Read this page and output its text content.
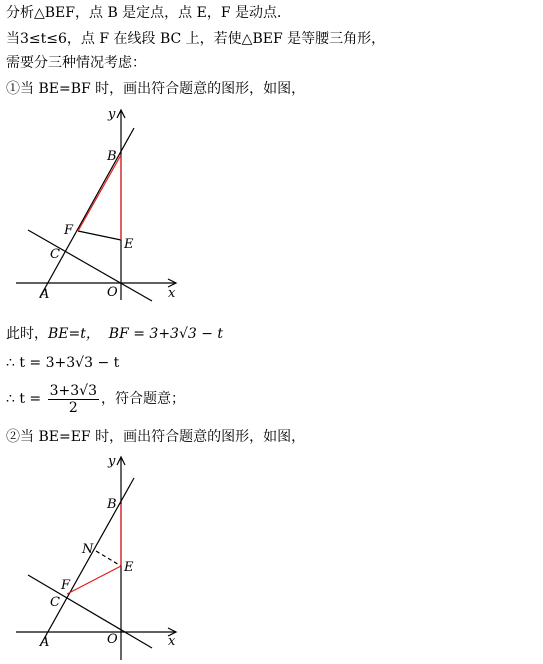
分析△BEF，点 B 是定点，点 E，F 是动点．
当3≤t≤6，点 F 在线段 BC 上，若使△BEF 是等腰三角形，
需要分三种情况考虑：
①当 BE=BF 时，画出符合题意的图形，如图，
y
x
B
F
E
C
A	O
此时，BE=t， BF = 3+3√3 − t
∴ t = 3+3√3 − t
∴ $t = \frac{3+3√3}{2}$ ，符合题意；
②当 BE=EF 时，画出符合题意的图形，如图，
y
x
B
N
E
F
C
A	O
